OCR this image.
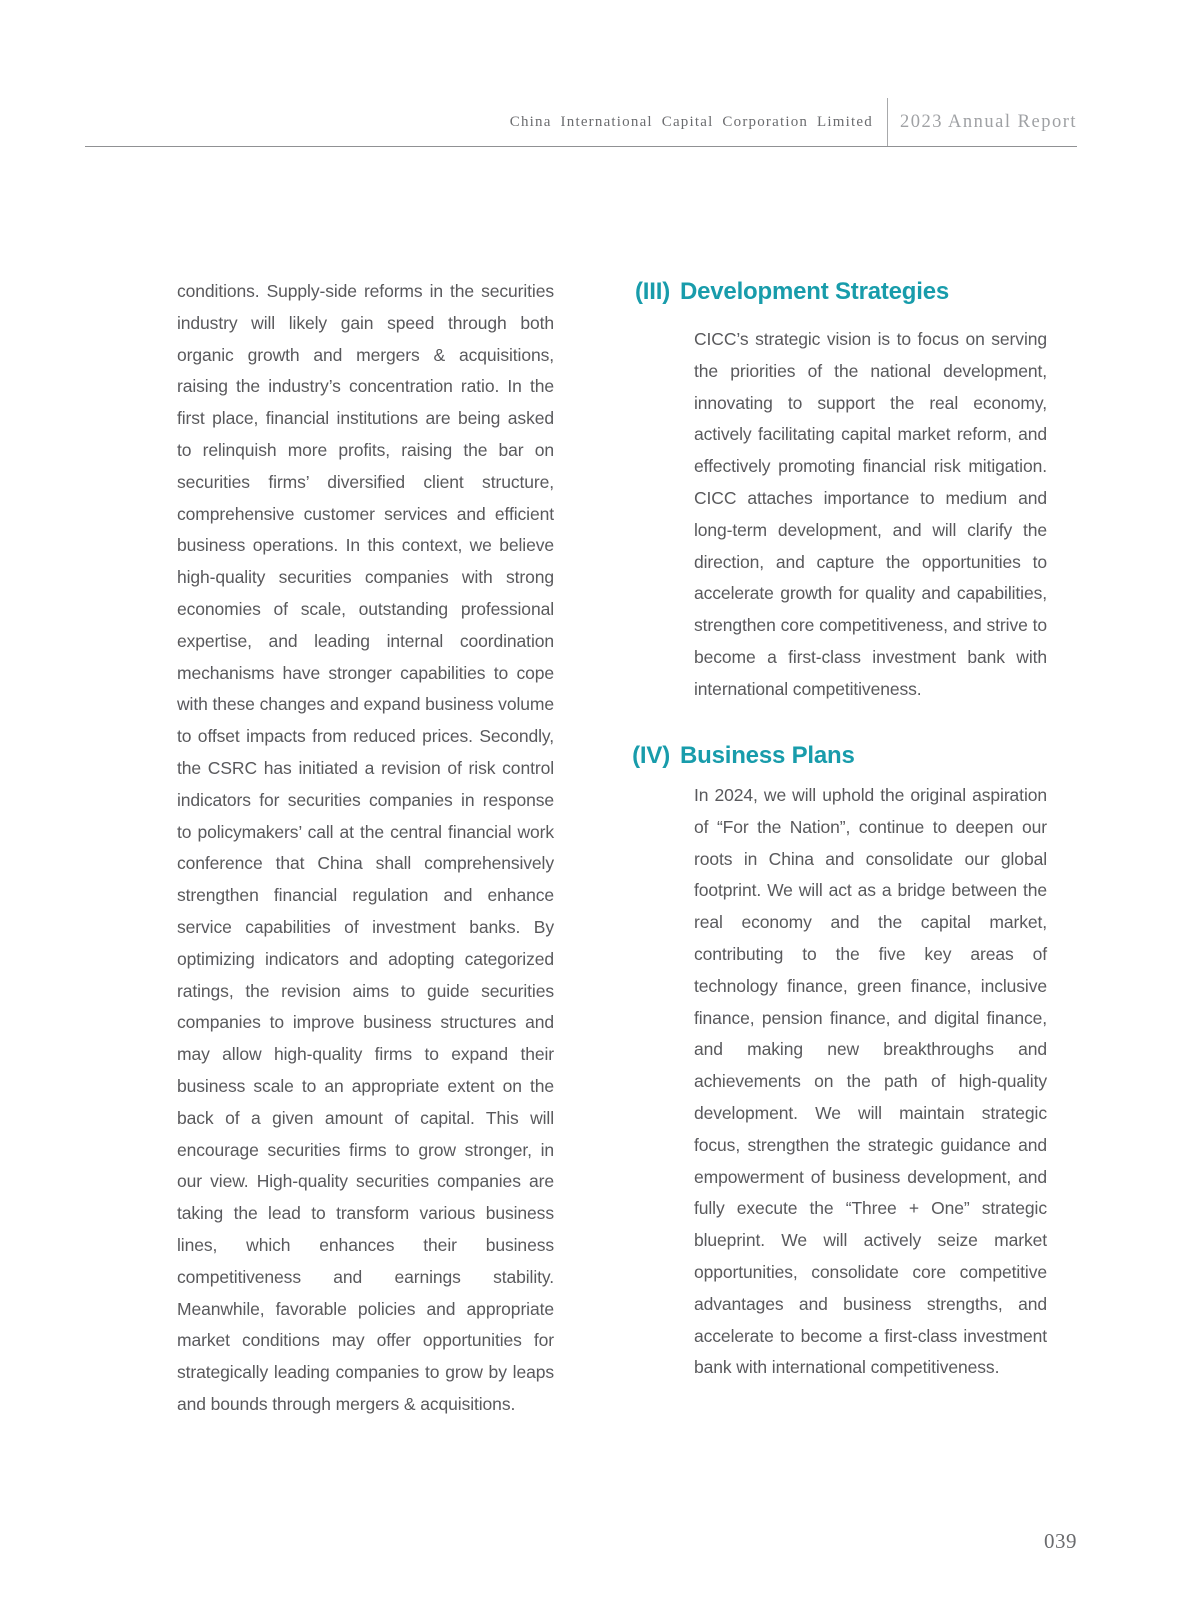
China International Capital Corporation Limited 2023 Annual Report
conditions. Supply-side reforms in the securities industry will likely gain speed through both organic growth and mergers & acquisitions, raising the industry’s concentration ratio. In the first place, financial institutions are being asked to relinquish more profits, raising the bar on securities firms’ diversified client structure, comprehensive customer services and efficient business operations. In this context, we believe high-quality securities companies with strong economies of scale, outstanding professional expertise, and leading internal coordination mechanisms have stronger capabilities to cope with these changes and expand business volume to offset impacts from reduced prices. Secondly, the CSRC has initiated a revision of risk control indicators for securities companies in response to policymakers’ call at the central financial work conference that China shall comprehensively strengthen financial regulation and enhance service capabilities of investment banks. By optimizing indicators and adopting categorized ratings, the revision aims to guide securities companies to improve business structures and may allow high-quality firms to expand their business scale to an appropriate extent on the back of a given amount of capital. This will encourage securities firms to grow stronger, in our view. High-quality securities companies are taking the lead to transform various business lines, which enhances their business competitiveness and earnings stability. Meanwhile, favorable policies and appropriate market conditions may offer opportunities for strategically leading companies to grow by leaps and bounds through mergers & acquisitions.
(III) Development Strategies
CICC’s strategic vision is to focus on serving the priorities of the national development, innovating to support the real economy, actively facilitating capital market reform, and effectively promoting financial risk mitigation. CICC attaches importance to medium and long-term development, and will clarify the direction, and capture the opportunities to accelerate growth for quality and capabilities, strengthen core competitiveness, and strive to become a first-class investment bank with international competitiveness.
(IV) Business Plans
In 2024, we will uphold the original aspiration of “For the Nation”, continue to deepen our roots in China and consolidate our global footprint. We will act as a bridge between the real economy and the capital market, contributing to the five key areas of technology finance, green finance, inclusive finance, pension finance, and digital finance, and making new breakthroughs and achievements on the path of high-quality development. We will maintain strategic focus, strengthen the strategic guidance and empowerment of business development, and fully execute the “Three + One” strategic blueprint. We will actively seize market opportunities, consolidate core competitive advantages and business strengths, and accelerate to become a first-class investment bank with international competitiveness.
039
